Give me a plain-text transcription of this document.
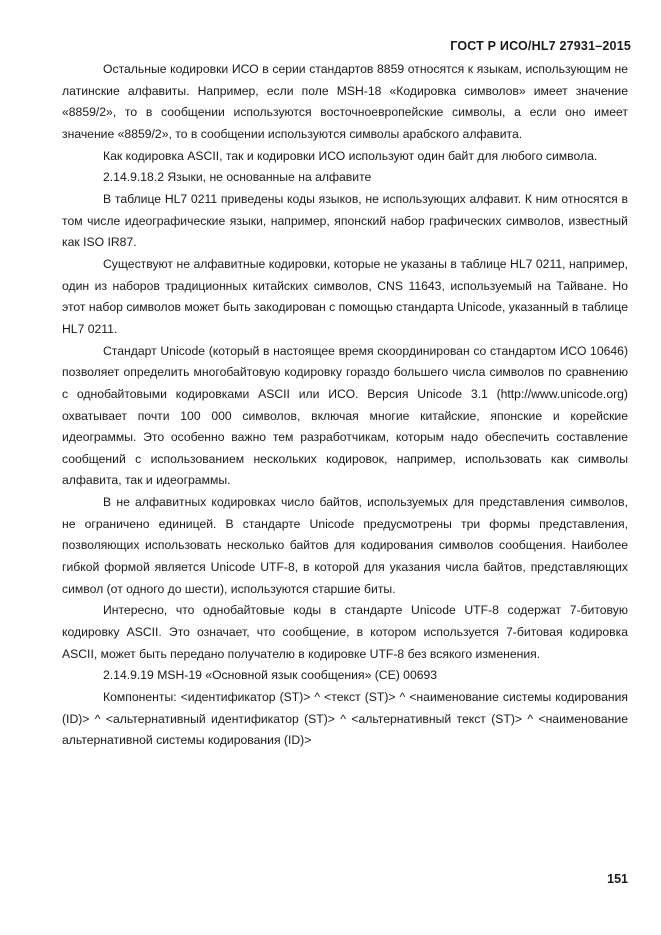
ГОСТ Р ИСО/HL7 27931–2015

Остальные кодировки ИСО в серии стандартов 8859 относятся к языкам, использующим не латинские алфавиты. Например, если поле MSH-18 «Кодировка символов» имеет значение «8859/2», то в сообщении используются восточноевропейские символы, а если оно имеет значение «8859/2», то в сообщении используются символы арабского алфавита.

Как кодировка ASCII, так и кодировки ИСО используют один байт для любого символа.

2.14.9.18.2 Языки, не основанные на алфавите

В таблице HL7 0211 приведены коды языков, не использующих алфавит. К ним относятся в том числе идеографические языки, например, японский набор графических символов, известный как ISO IR87.

Существуют не алфавитные кодировки, которые не указаны в таблице HL7 0211, например, один из наборов традиционных китайских символов, CNS 11643, используемый на Тайване. Но этот набор символов может быть закодирован с помощью стандарта Unicode, указанный в таблице HL7 0211.

Стандарт Unicode (который в настоящее время скоординирован со стандартом ИСО 10646) позволяет определить многобайтовую кодировку гораздо большего числа символов по сравнению с однобайтовыми кодировками ASCII или ИСО. Версия Unicode 3.1 (http://www.unicode.org) охватывает почти 100 000 символов, включая многие китайские, японские и корейские идеограммы. Это особенно важно тем разработчикам, которым надо обеспечить составление сообщений с использованием нескольких кодировок, например, использовать как символы алфавита, так и идеограммы.

В не алфавитных кодировках число байтов, используемых для представления символов, не ограничено единицей. В стандарте Unicode предусмотрены три формы представления, позволяющих использовать несколько байтов для кодирования символов сообщения. Наиболее гибкой формой является Unicode UTF-8, в которой для указания числа байтов, представляющих символ (от одного до шести), используются старшие биты.

Интересно, что однобайтовые коды в стандарте Unicode UTF-8 содержат 7-битовую кодировку ASCII. Это означает, что сообщение, в котором используется 7-битовая кодировка ASCII, может быть передано получателю в кодировке UTF-8 без всякого изменения.

2.14.9.19 MSH-19 «Основной язык сообщения» (CE) 00693

Компоненты: <идентификатор (ST)> ^ <текст (ST)> ^ <наименование системы кодирования (ID)> ^ <альтернативный идентификатор (ST)> ^ <альтернативный текст (ST)> ^ <наименование альтернативной системы кодирования (ID)>

151
